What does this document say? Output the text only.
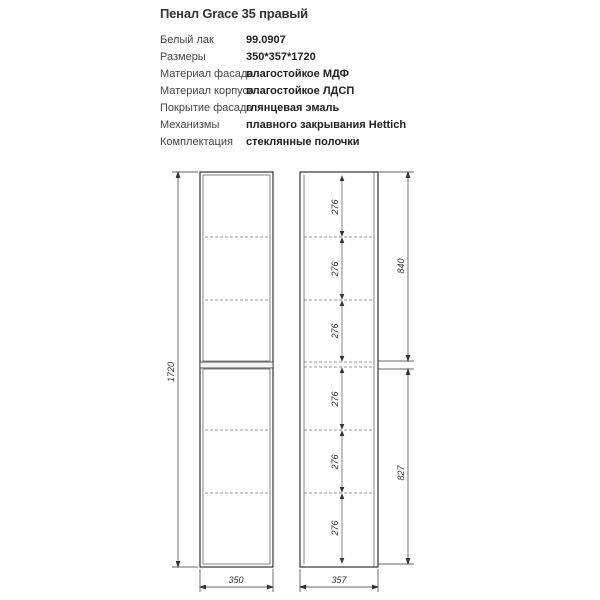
Пенал Grace 35 правый
Белый лак	99.0907
Размеры	350*357*1720
Материал фасада
влагостойкое МДФ
Материал корпуса
влагостойкое ЛДСП
Покрытие фасада
глянцевая эмаль
Механизмы плавного закрывания Hettich
Комплектация стеклянные полочки
1720
350
276
276
276
276
276
276
840
827
357
